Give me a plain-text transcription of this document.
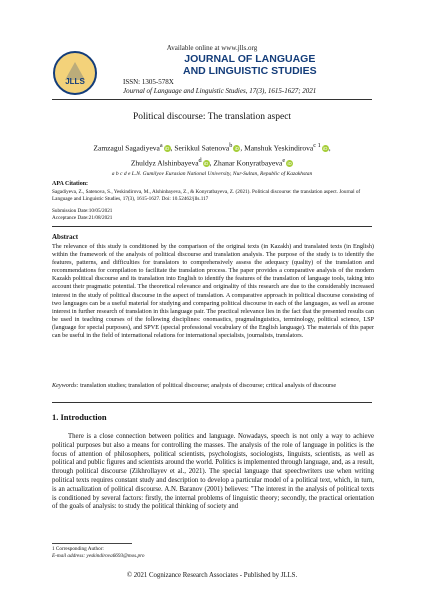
Available online at www.jlls.org
JLLS
JOURNAL OF LANGUAGE
AND LINGUISTIC STUDIES
ISSN: 1305-578X
Journal of Language and Linguistic Studies, 17(3), 1615-1627; 2021
Political discourse: The translation aspect
Zamzagul Sagadiyeva$^a$ iD, Serikkul Satenova$^b$ iD, Manshuk Yeskindirova$^{c 1}$ iD,
Zhuldyz Alshinbayeva$^d$ iD, Zhanar Konyratbayeva$^e$ iD
a b c d e L.N. Gumilyov Eurasian National University, Nur-Sultan, Republic of Kazakhstan
APA Citation:
Sagadiyeva, Z., Satenova, S., Yeskindirova, M., Alshinbayeva, Z., & Konyratbayeva, Z. (2021). Political discourse: the translation aspect. Journal of Language and Linguistic Studies, 17(3), 1615-1627. Doi: 10.52462/jlls.117
Submission Date:10/05/2021
Acceptance Date:21/08/2021
Abstract
The relevance of this study is conditioned by the comparison of the original texts (in Kazakh) and translated texts (in English) within the framework of the analysis of political discourse and translation analysis. The purpose of the study is to identify the features, patterns, and difficulties for translators to comprehensively assess the adequacy (quality) of the translation and recommendations for compilation to facilitate the translation process. The paper provides a comparative analysis of the modern Kazakh political discourse and its translation into English to identify the features of the translation of language tools, taking into account their pragmatic potential. The theoretical relevance and originality of this research are due to the considerably increased interest in the study of political discourse in the aspect of translation. A comparative approach in political discourse consisting of two languages can be a useful material for studying and comparing political discourse in each of the languages, as well as arouse interest in further research of translation in this language pair. The practical relevance lies in the fact that the presented results can be used in teaching courses of the following disciplines: onomastics, pragmalinguistics, terminology, political science, LSP (language for special purposes), and SPVE (special professional vocabulary of the English language). The materials of this paper can be useful in the field of international relations for international specialists, journalists, translators.
Keywords: translation studies; translation of political discourse; analysis of discourse; critical analysis of discourse
1. Introduction
There is a close connection between politics and language. Nowadays, speech is not only a way to achieve political purposes but also a means for controlling the masses. The analysis of the role of language in politics is the focus of attention of philosophers, political scientists, psychologists, sociologists, linguists, scientists, as well as political and public figures and scientists around the world. Politics is implemented through language, and, as a result, through political discourse (Zikhrollayev et al., 2021). The special language that speechwriters use when writing political texts requires constant study and description to develop a particular model of a political text, which, in turn, is an actualization of political discourse. A.N. Baranov (2001) believes: "The interest in the analysis of political texts is conditioned by several factors: firstly, the internal problems of linguistic theory; secondly, the practical orientation of the goals of analysis: to study the political thinking of society and
1 Corresponding Author:
E-mail address: yeskindirova6693@mos.pro
© 2021 Cognizance Research Associates - Published by JLLS.
